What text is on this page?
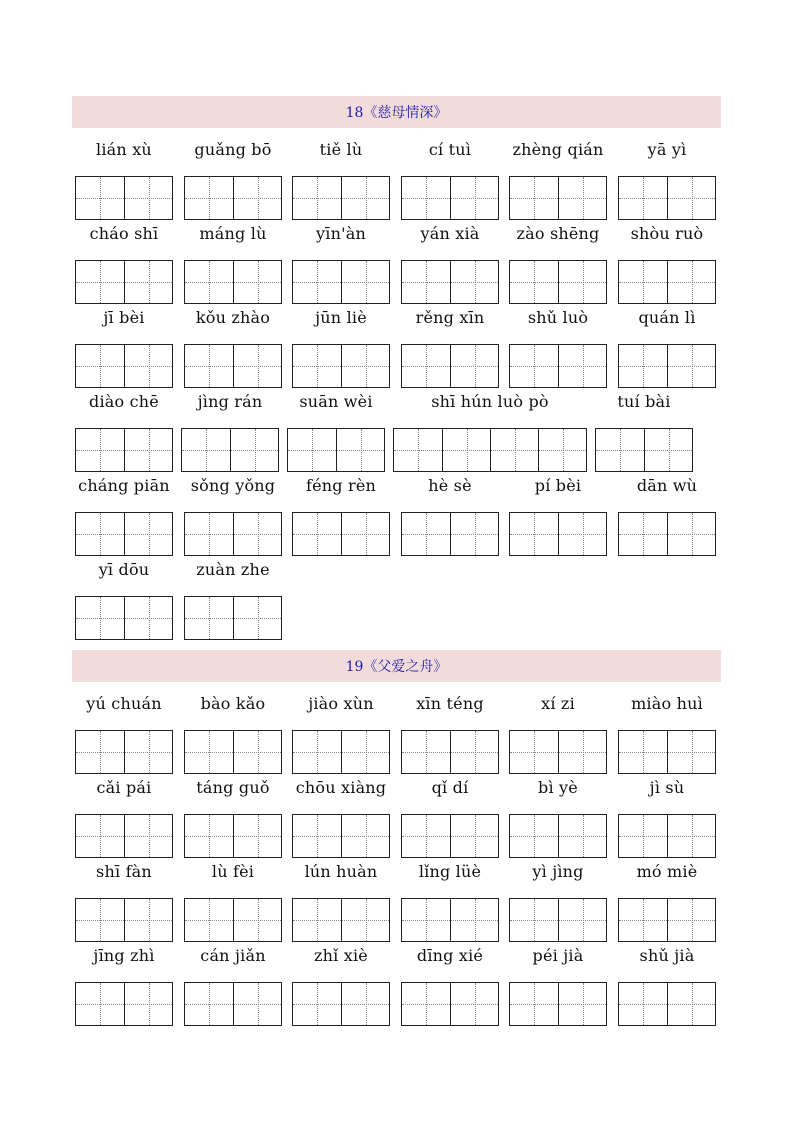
18《慈母情深》
lián xù	guǎng bō	tiě lù	cí tuì	zhèng qián	yā yì
cháo shī	máng lù	yīn'àn	yán xià	zào shēng	shòu ruò
jī bèi	kǒu zhào	jūn liè	rěng xīn	shǔ luò	quán lì
diào chē	jìng rán	suān wèi	shī hún luò pò	tuí bài
cháng piān	sǒng yǒng	féng rèn	hè sè	pí bèi	dān wù
yī dōu	zuàn zhe
19《父爱之舟》
yú chuán	bào kǎo	jiào xùn	xīn téng	xí zi	miào huì
cǎi pái	táng guǒ	chōu xiàng	qǐ dí	bì yè	jì sù
shī fàn	lù fèi	lún huàn	lǐng lüè	yì jìng	mó miè
jīng zhì	cán jiǎn	zhǐ xiè	dīng xié	péi jià	shǔ jià
